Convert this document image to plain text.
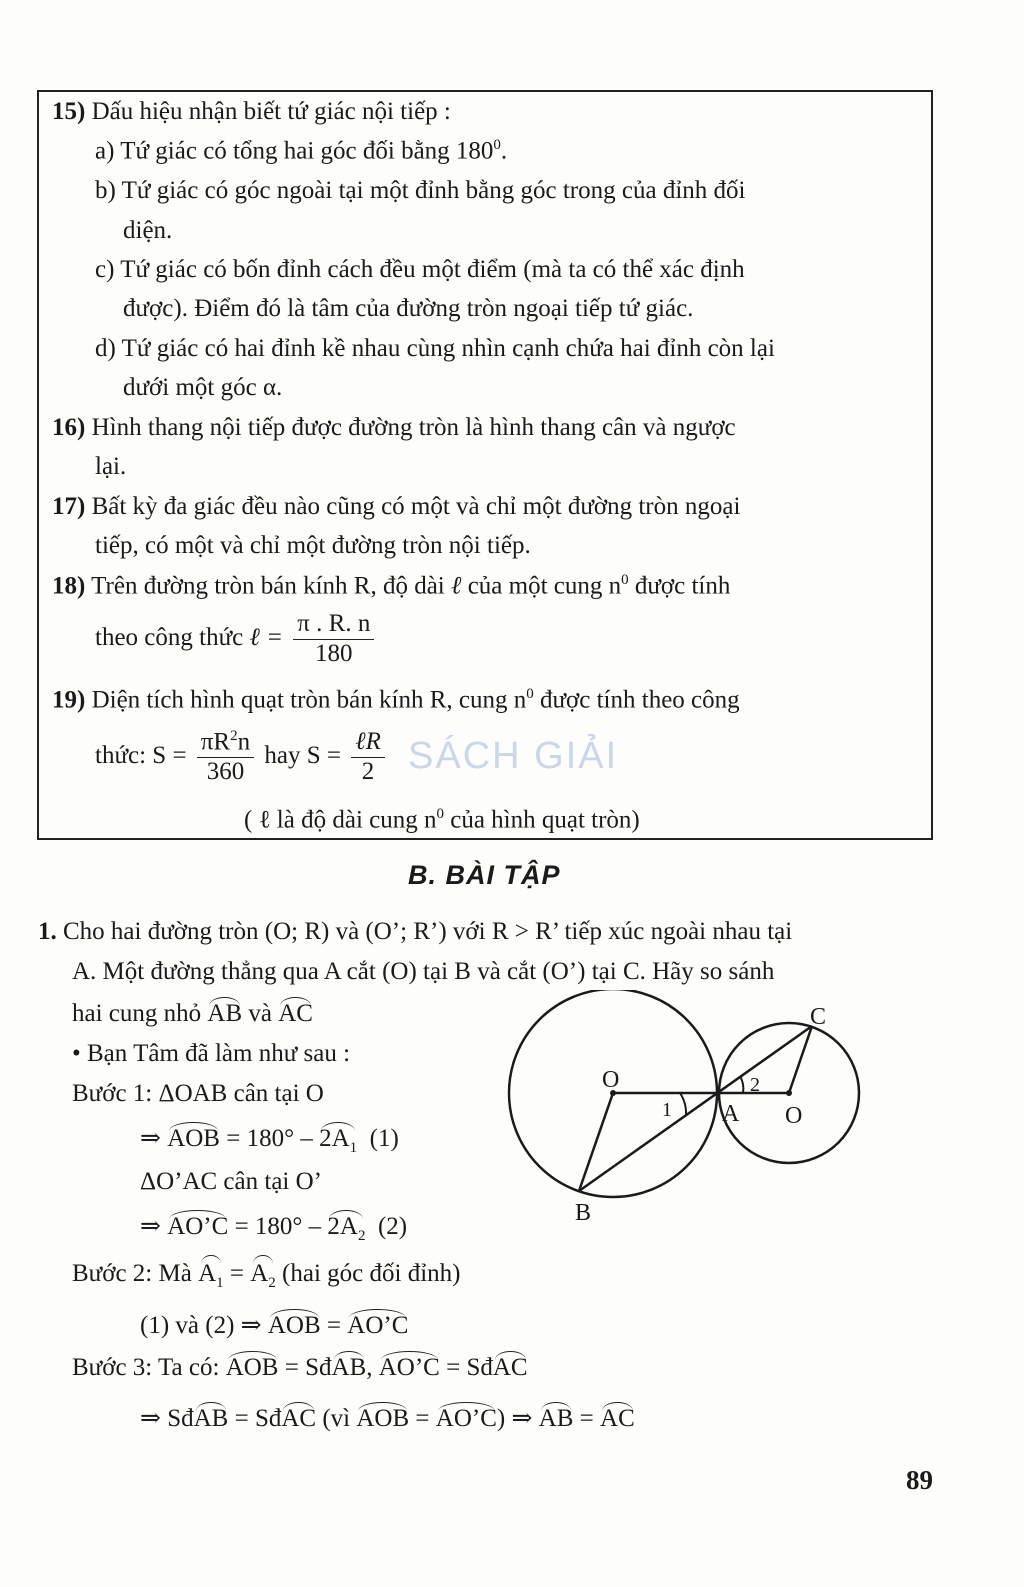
15) Dấu hiệu nhận biết tứ giác nội tiếp :
a) Tứ giác có tổng hai góc đối bằng $180^0$.
b) Tứ giác có góc ngoài tại một đỉnh bằng góc trong của đỉnh đối
diện.
c) Tứ giác có bốn đỉnh cách đều một điểm (mà ta có thể xác định
được). Điểm đó là tâm của đường tròn ngoại tiếp tứ giác.
d) Tứ giác có hai đỉnh kề nhau cùng nhìn cạnh chứa hai đỉnh còn lại
dưới một góc α.
16) Hình thang nội tiếp được đường tròn là hình thang cân và ngược
lại.
17) Bất kỳ đa giác đều nào cũng có một và chỉ một đường tròn ngoại
tiếp, có một và chỉ một đường tròn nội tiếp.
18) Trên đường tròn bán kính R, độ dài ℓ của một cung $n^0$ được tính
theo công thức ℓ = $\frac{\pi . R. n}{180}$
19) Diện tích hình quạt tròn bán kính R, cung $n^0$ được tính theo công
thức: $S = \frac{\pi R^2n}{360}$ hay $S = \frac{\text{ℓR}}{2}$
( ℓ là độ dài cung $n^0$ của hình quạt tròn)
SÁCH GIẢI
B. BÀI TẬP
1. Cho hai đường tròn (O; R) và (O’; R’) với R > R’ tiếp xúc ngoài nhau tại
A. Một đường thẳng qua A cắt (O) tại B và cắt (O’) tại C. Hãy so sánh
hai cung nhỏ AB và AC
• Bạn Tâm đã làm như sau :
Bước 1: ΔOAB cân tại O
⇒ AOB = $180^\circ - 2A_1$ (1)
ΔO’AC cân tại O’
⇒ AO’C = $180^\circ - 2A_2$ (2)
Bước 2: Mà $A_1 = A_2$ (hai góc đối đỉnh)
(1) và (2) ⇒ AOB = AO’C
Bước 3: Ta có: AOB = SđAB, AO’C = SđAC
⇒ SđAB = SđAC (vì AOB = AO’C) ⇒ AB = AC
O
O
A
B
C
1
2
89
